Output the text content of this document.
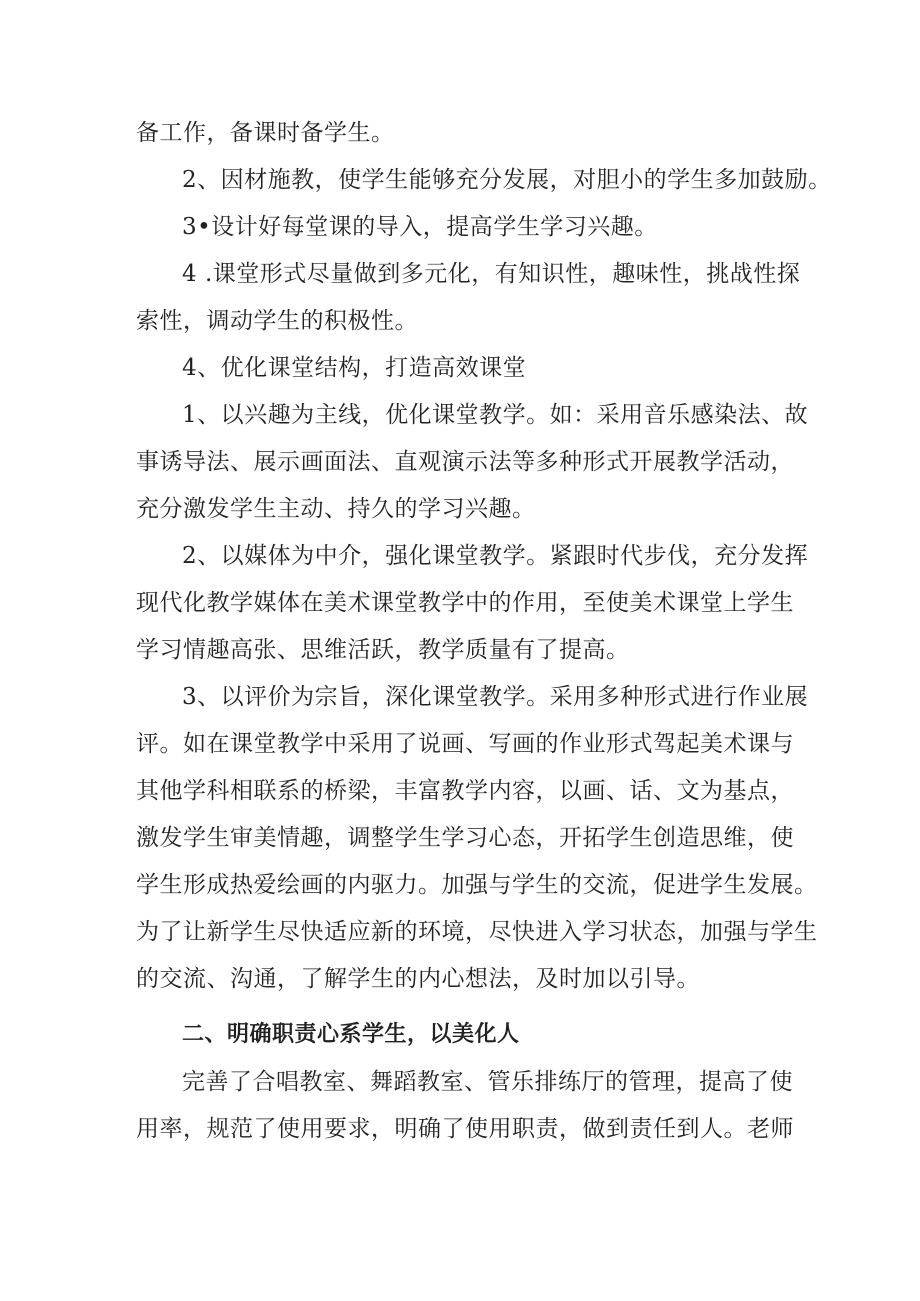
备工作，备课时备学生。
2、因材施教，使学生能够充分发展，对胆小的学生多加鼓励。
3•设计好每堂课的导入，提高学生学习兴趣。
4 .课堂形式尽量做到多元化，有知识性，趣味性，挑战性探
索性，调动学生的积极性。
4、优化课堂结构，打造高效课堂
1、以兴趣为主线，优化课堂教学。如：采用音乐感染法、故
事诱导法、展示画面法、直观演示法等多种形式开展教学活动，
充分激发学生主动、持久的学习兴趣。
2、以媒体为中介，强化课堂教学。紧跟时代步伐，充分发挥
现代化教学媒体在美术课堂教学中的作用，至使美术课堂上学生
学习情趣高张、思维活跃，教学质量有了提高。
3、以评价为宗旨，深化课堂教学。采用多种形式进行作业展
评。如在课堂教学中采用了说画、写画的作业形式驾起美术课与
其他学科相联系的桥梁，丰富教学内容，以画、话、文为基点，
激发学生审美情趣，调整学生学习心态，开拓学生创造思维，使
学生形成热爱绘画的内驱力。加强与学生的交流，促进学生发展。
为了让新学生尽快适应新的环境，尽快进入学习状态，加强与学生
的交流、沟通，了解学生的内心想法，及时加以引导。
二、明确职责心系学生，以美化人
完善了合唱教室、舞蹈教室、管乐排练厅的管理，提高了使
用率，规范了使用要求，明确了使用职责，做到责任到人。老师
